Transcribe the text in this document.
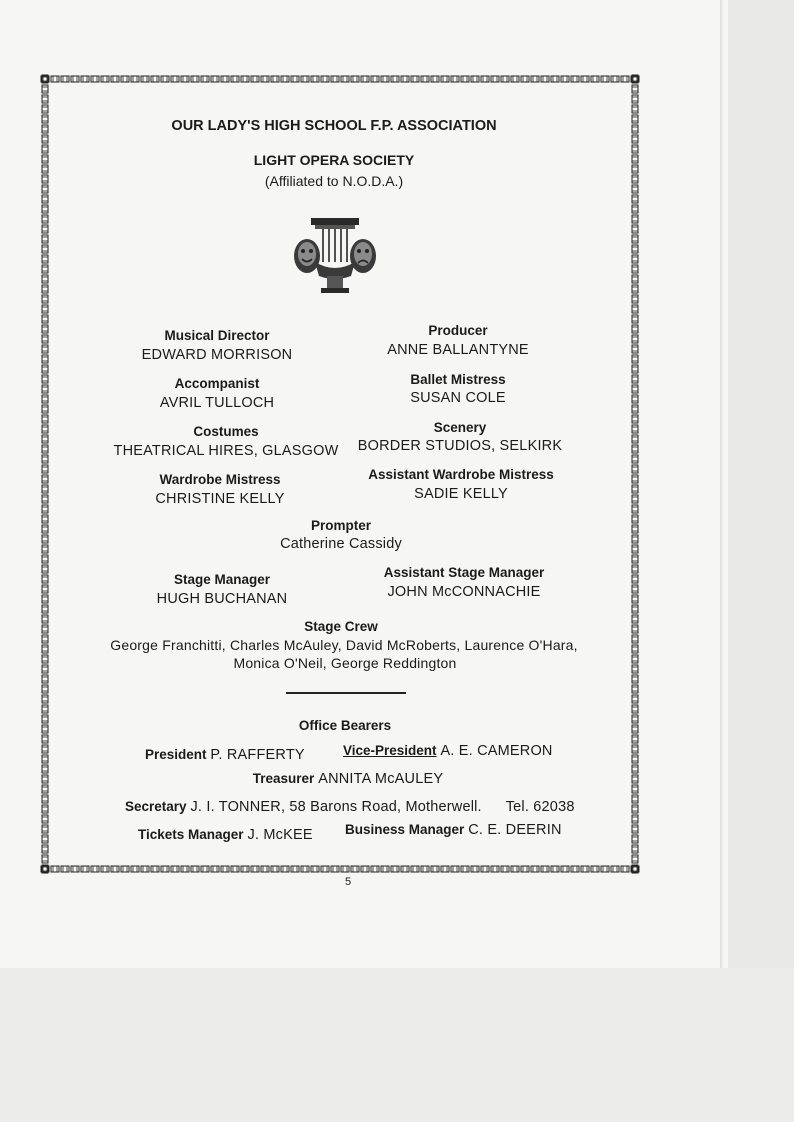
OUR LADY'S HIGH SCHOOL F.P. ASSOCIATION
LIGHT OPERA SOCIETY
(Affiliated to N.O.D.A.)
Musical Director
EDWARD MORRISON
Producer
ANNE BALLANTYNE
Accompanist
AVRIL TULLOCH
Ballet Mistress
SUSAN COLE
Costumes
THEATRICAL HIRES, GLASGOW
Scenery
BORDER STUDIOS, SELKIRK
Wardrobe Mistress
CHRISTINE KELLY
Assistant Wardrobe Mistress
SADIE KELLY
Prompter
Catherine Cassidy
Stage Manager
HUGH BUCHANAN
Assistant Stage Manager
JOHN McCONNACHIE
Stage Crew
George Franchitti, Charles McAuley, David McRoberts, Laurence O'Hara,
Monica O'Neil, George Reddington
Office Bearers
President P. RAFFERTY	Vice-President A. E. CAMERON
Treasurer ANNITA McAULEY
Secretary J. I. TONNER, 58 Barons Road, Motherwell. Tel. 62038
Tickets Manager J. McKEE Business Manager C. E. DEERIN
5
